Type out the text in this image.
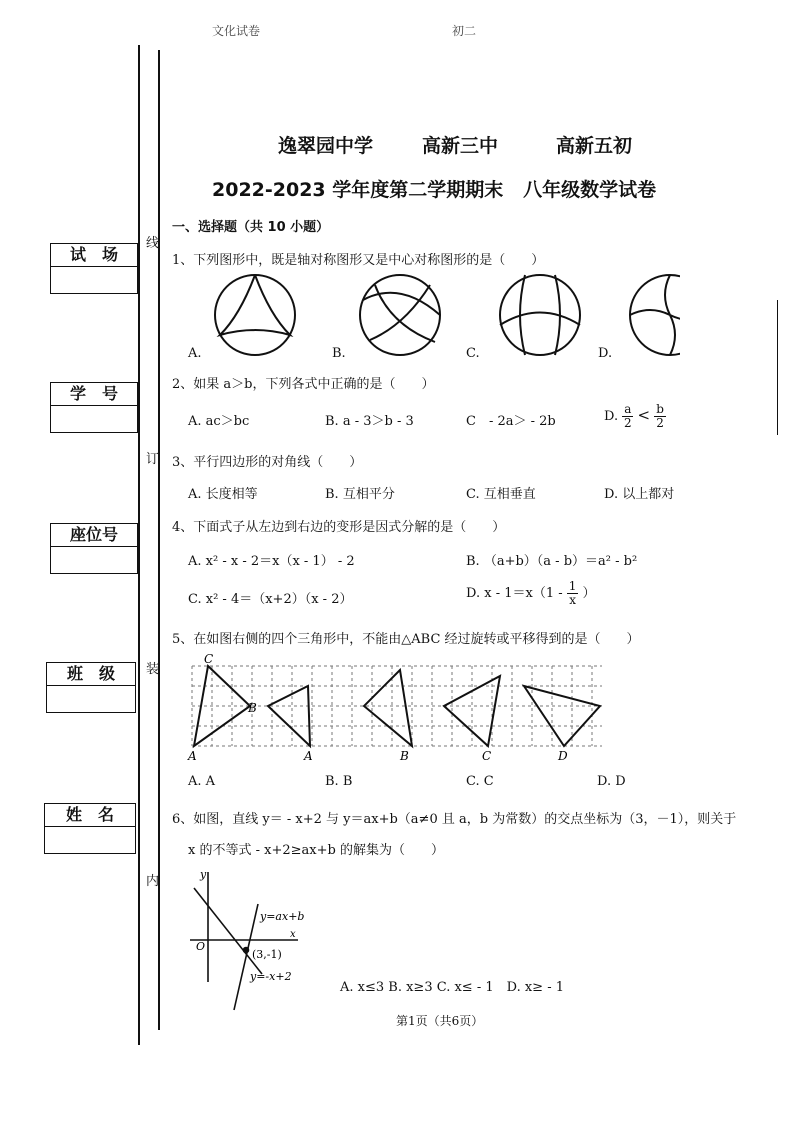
文化试卷	初二
线
订
装
内
试　场
学　号
座位号
班　级
姓　名
逸翠园中学	高新三中	高新五初
2022-2023 学年度第二学期期末   八年级数学试卷
一、选择题（共 10 小题）
1、下列图形中，既是轴对称图形又是中心对称图形的是（　　）
A.	B.	C.	D.
2、如果 a＞b，下列各式中正确的是（　　）
A. ac＞bc	B. a - 3＞b - 3	C　- 2a＞ - 2b	D. $\frac{a}{2} < \frac{b}{2}$
3、平行四边形的对角线（　　）
A. 长度相等	B. 互相平分	C. 互相垂直	D. 以上都对
4、下面式子从左边到右边的变形是因式分解的是（　　）
A. x² - x - 2＝x（x - 1） - 2	B. （a+b）（a - b）＝a² - b²
C. x² - 4＝（x+2）（x - 2）	D. $x - 1=x(1 - \frac{1}{x}$ ）
5、在如图右侧的四个三角形中，不能由△ABC 经过旋转或平移得到的是（　　）
C
B
A	A	B	C	D
A. A	B. B	C. C	D. D
6、如图，直线 y＝ - x+2 与 y＝ax+b（a≠0 且 a，b 为常数）的交点坐标为（3，－1），则关于
x 的不等式 - x+2≥ax+b 的解集为（　　）
y
x
O
y=ax+b
(3,-1)
y=-x+2
A. x≤3 B. x≥3 C. x≤ - 1　D. x≥ - 1
第1页（共6页）
